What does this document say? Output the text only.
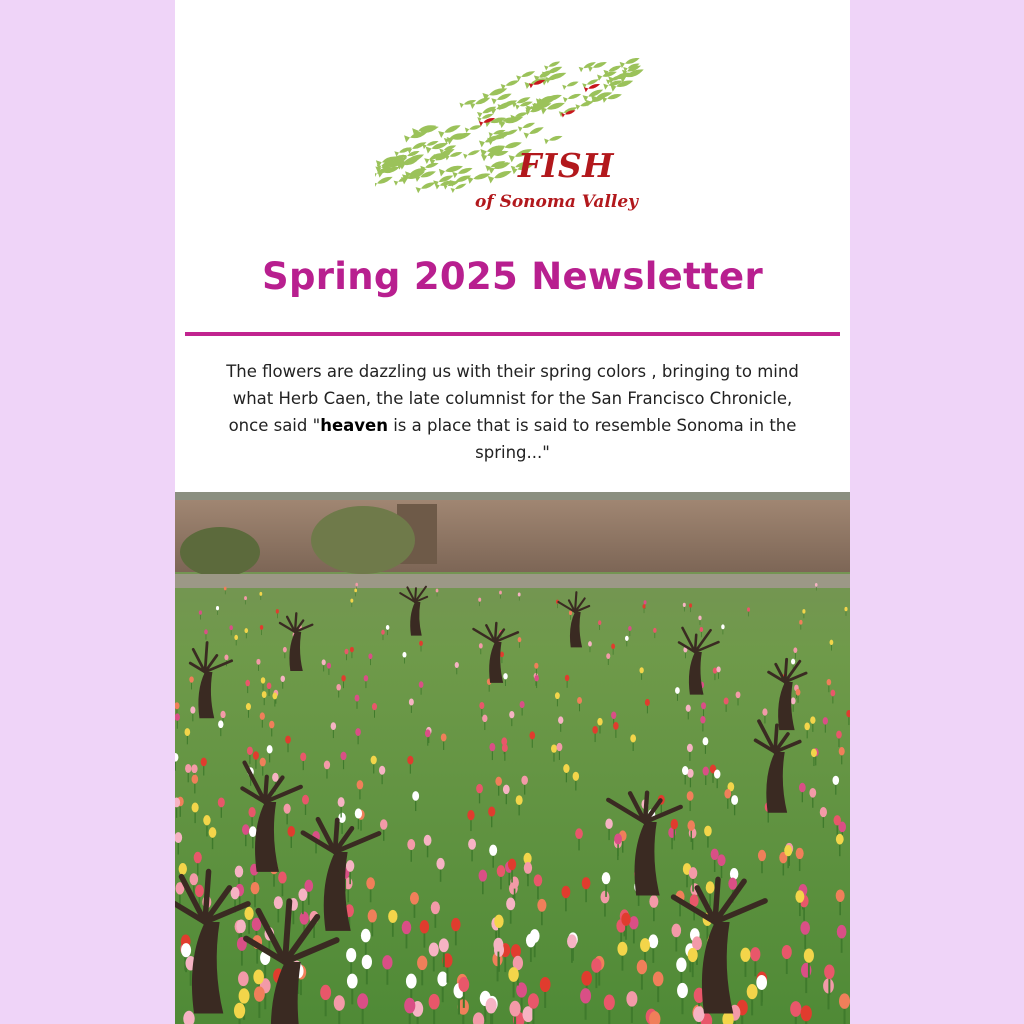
FISH
of Sonoma Valley
Spring 2025 Newsletter
The flowers are dazzling us with their spring colors , bringing to mind what Herb Caen, the late columnist for the San Francisco Chronicle, once said "heaven is a place that is said to resemble Sonoma in the spring..."
